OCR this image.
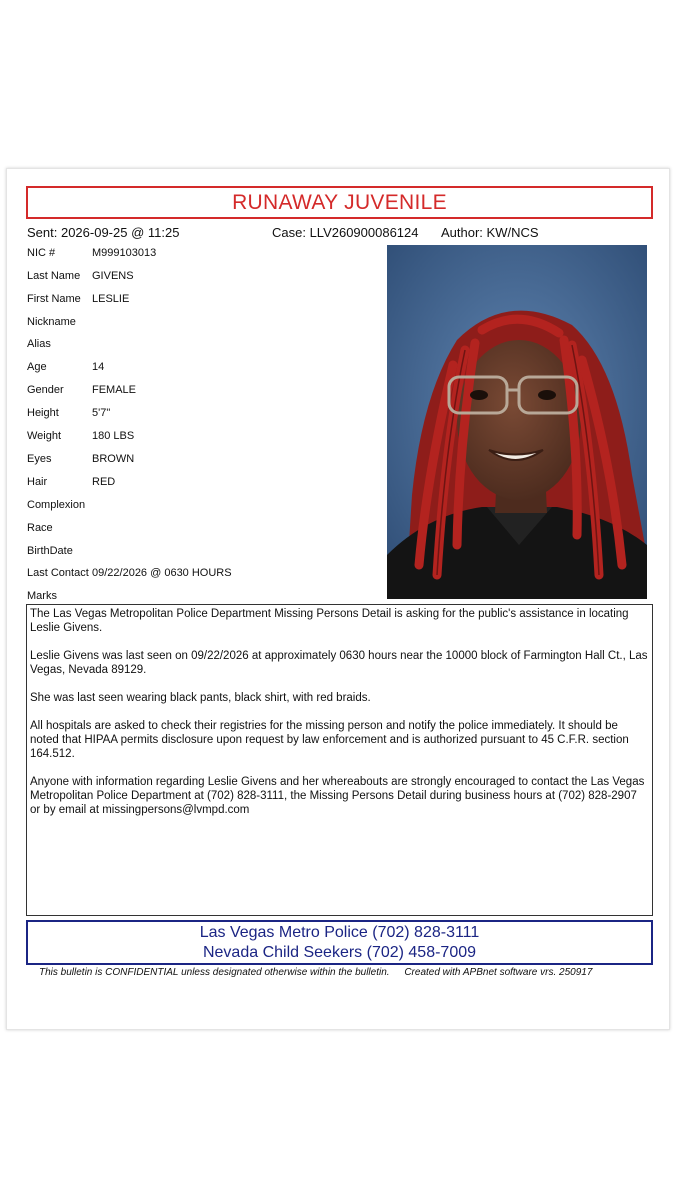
RUNAWAY JUVENILE
Sent: 2026-09-25 @ 11:25	Case: LLV260900086124 Author: KW/NCS
NIC #	M999103013
Last Name GIVENS
First Name LESLIE
Nickname
Alias
Age	14
Gender	FEMALE
Height	5'7"
Weight	180 LBS
Eyes	BROWN
Hair	RED
Complexion
Race
BirthDate
Last Contact 09/22/2026 @ 0630 HOURS
Marks

The Las Vegas Metropolitan Police Department Missing Persons Detail is asking for the public's assistance in locating Leslie Givens.

Leslie Givens was last seen on 09/22/2026 at approximately 0630 hours near the 10000 block of Farmington Hall Ct., Las Vegas, Nevada 89129.

She was last seen wearing black pants, black shirt, with red braids.

All hospitals are asked to check their registries for the missing person and notify the police immediately. It should be noted that HIPAA permits disclosure upon request by law enforcement and is authorized pursuant to 45 C.F.R. section 164.512.

Anyone with information regarding Leslie Givens and her whereabouts are strongly encouraged to contact the Las Vegas Metropolitan Police Department at (702) 828-3111, the Missing Persons Detail during business hours at (702) 828-2907 or by email at missingpersons@lvmpd.com

Las Vegas Metro Police (702) 828-3111
Nevada Child Seekers (702) 458-7009
This bulletin is CONFIDENTIAL unless designated otherwise within the bulletin. Created with APBnet software vrs. 250917
